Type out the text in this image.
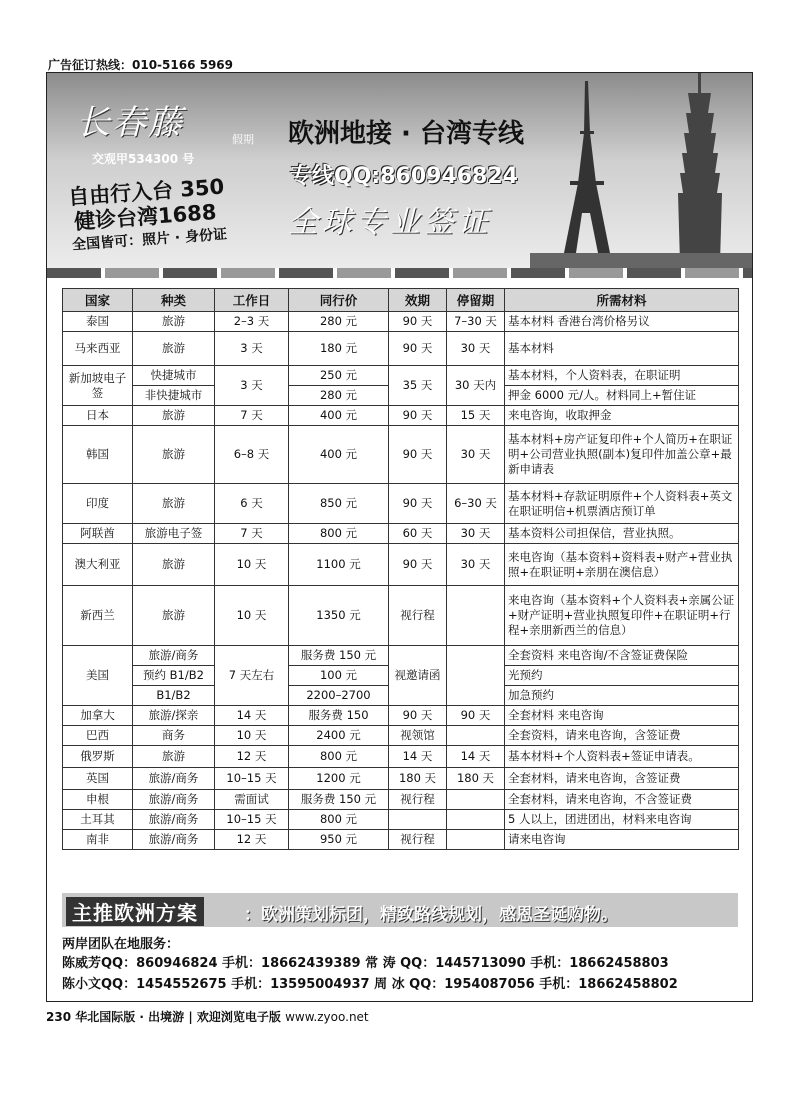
广告征订热线：010-5166 5969
长春藤	假期
交观甲534300 号
自由行入台 350
健诊台湾1688
全国皆可：照片 · 身份证
欧洲地接 · 台湾专线
专线QQ:860946824
全球专业签证
国家	种类	工作日	同行价	效期	停留期	所需材料
泰国	旅游	2–3 天	280 元	90 天	7–30 天	基本材料 香港台湾价格另议
马来西亚	旅游	3 天	180 元	90 天	30 天	基本材料
新加坡电子签	快捷城市	3 天	250 元	35 天	30 天内	基本材料，个人资料表，在职证明
	非快捷城市		280 元			押金 6000 元/人。材料同上+暂住证
日本	旅游	7 天	400 元	90 天	15 天	来电咨询，收取押金
韩国	旅游	6–8 天	400 元	90 天	30 天	基本材料+房产证复印件+个人简历+在职证明+公司营业执照(副本)复印件加盖公章+最新申请表
印度	旅游	6 天	850 元	90 天	6–30 天	基本材料+存款证明原件+个人资料表+英文在职证明信+机票酒店预订单
阿联酋	旅游电子签	7 天	800 元	60 天	30 天	基本资料公司担保信，营业执照。
澳大利亚	旅游	10 天	1100 元	90 天	30 天	来电咨询（基本资料+资料表+财产+营业执照+在职证明+亲朋在澳信息）
新西兰	旅游	10 天	1350 元	视行程		来电咨询（基本资料+个人资料表+亲属公证+财产证明+营业执照复印件+在职证明+行程+亲朋新西兰的信息）
美国	旅游/商务	7 天左右	服务费 150 元	视邀请函		全套资料 来电咨询/不含签证费保险
	预约 B1/B2		100 元			光预约
	B1/B2		2200–2700			加急预约
加拿大	旅游/探亲	14 天	服务费 150	90 天	90 天	全套材料 来电咨询
巴西	商务	10 天	2400 元	视领馆		全套资料，请来电咨询，含签证费
俄罗斯	旅游	12 天	800 元	14 天	14 天	基本材料+个人资料表+签证申请表。
英国	旅游/商务	10–15 天	1200 元	180 天	180 天	全套材料，请来电咨询，含签证费
申根	旅游/商务	需面试	服务费 150 元	视行程		全套材料，请来电咨询，不含签证费
土耳其	旅游/商务	10–15 天	800 元			5 人以上，团进团出，材料来电咨询
南非	旅游/商务	12 天	950 元	视行程		请来电咨询
主推欧洲方案	：欧洲策划标团，精致路线规划，感恩圣诞购物。
两岸团队在地服务：
陈威芳QQ：860946824 手机：18662439389 常 涛 QQ：1445713090 手机：18662458803
陈小文QQ：1454552675 手机：13595004937 周 冰 QQ：1954087056 手机：18662458802
230 华北国际版 · 出境游 | 欢迎浏览电子版 www.zyoo.net
